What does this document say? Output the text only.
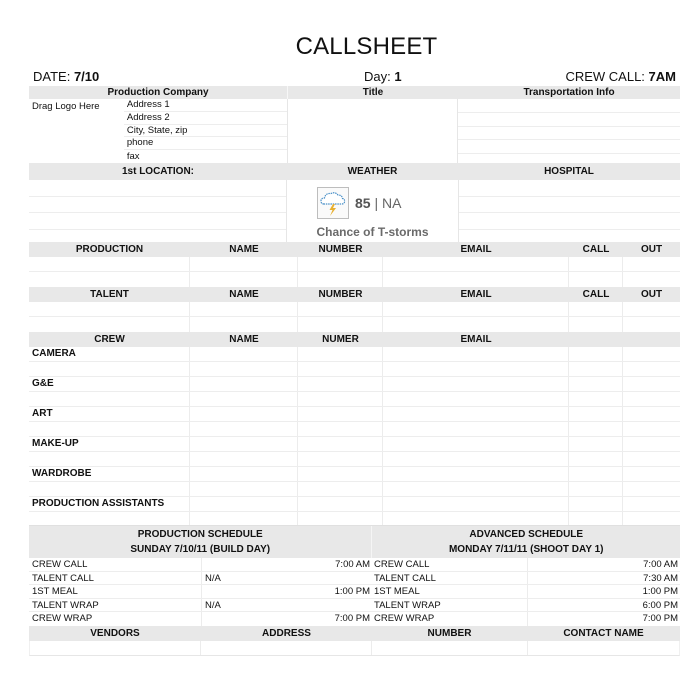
CALLSHEET
DATE: 7/10	Day: 1	CREW CALL: 7AM
Production Company	Title	Transportation Info
Drag Logo Here	Address 1
Address 2
City, State, zip
phone
fax
1st LOCATION:	WEATHER	HOSPITAL
PRODUCTION	NAME	NUMBER	EMAIL	CALL	OUT
TALENT	NAME	NUMBER	EMAIL	CALL	OUT
CREW	NAME	NUMER	EMAIL
CAMERA
G&E
ART
MAKE-UP
WARDROBE
PRODUCTION ASSISTANTS
PRODUCTION SCHEDULE
SUNDAY 7/10/11 (BUILD DAY)
ADVANCED SCHEDULE
MONDAY 7/11/11 (SHOOT DAY 1)
CREW CALL	7:00 AM CREW CALL	7:00 AM
TALENT CALL	N/A	TALENT CALL	7:30 AM
1ST MEAL	1:00 PM 1ST MEAL	1:00 PM
TALENT WRAP	N/A	TALENT WRAP	6:00 PM
CREW WRAP	7:00 PM CREW WRAP	7:00 PM
VENDORS	ADDRESS	NUMBER	CONTACT NAME
85 | NA
Chance of T-storms
